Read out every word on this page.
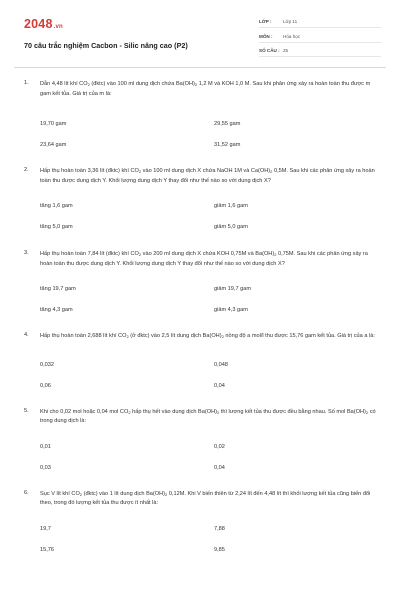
2048.vn
70 câu trắc nghiệm Cacbon - Silic nâng cao (P2)
LỚP :	Lớp 11
MÔN :	Hóa học
SỐ CÂU : 25
1. Dẫn 4,48 lít khí $CO_2$ (đktc) vào 100 ml dung dịch chứa $Ba(OH)_2$ 1,2 M và KOH 1,0 M. Sau khi phản ứng xảy ra hoàn toàn thu được m gam kết tủa. Giá trị của m là:
19,70 gam	29,55 gam
23,64 gam	31,52 gam
2. Hấp thụ hoàn toàn 3,36 lít (đktc) khí $CO_2$ vào 100 ml dung dịch X chứa NaOH 1M và $Ca(OH)_2$ 0,5M. Sau khi các phản ứng xảy ra hoàn toàn thu được dung dịch Y. Khối lượng dung dịch Y thay đổi như thế nào so với dung dịch X?
tăng 1,6 gam	giảm 1,6 gam
tăng 5,0 gam	giảm 5,0 gam
3. Hấp thụ hoàn toàn 7,84 lít (đktc) khí $CO_2$ vào 200 ml dung dịch X chứa KOH 0,75M và $Ba(OH)_2$ 0,75M. Sau khi các phản ứng xảy ra hoàn toàn thu được dung dịch Y. Khối lượng dung dịch Y thay đổi như thế nào so với dung dịch X?
tăng 19,7 gam	giảm 19,7 gam
tăng 4,3 gam	giảm 4,3 gam
4. Hấp thụ hoàn toàn 2,688 lít khí $CO_2$ (ở đktc) vào 2,5 lít dung dịch $Ba(OH)_2$ nồng độ a mol/l thu được 15,76 gam kết tủa. Giá trị của a là:
0,032	0,048
0,06	0,04
5. Khi cho 0,02 mol hoặc 0,04 mol $CO_2$ hấp thụ hết vào dung dịch $Ba(OH)_2$ thì lượng kết tủa thu được đều bằng nhau. Số mol $Ba(OH)_2$ có trong dung dịch là:
0,01	0,02
0,03	0,04
6. Sục V lít khí $CO_2$ (đktc) vào 1 lít dung dịch $Ba(OH)_2$ 0,12M. Khi V biến thiên từ 2,24 lít đến 4,48 lít thì khối lượng kết tủa cũng biến đổi theo, trong đó lượng kết tủa thu được ít nhất là:
19,7	7,88
15,76	9,85
